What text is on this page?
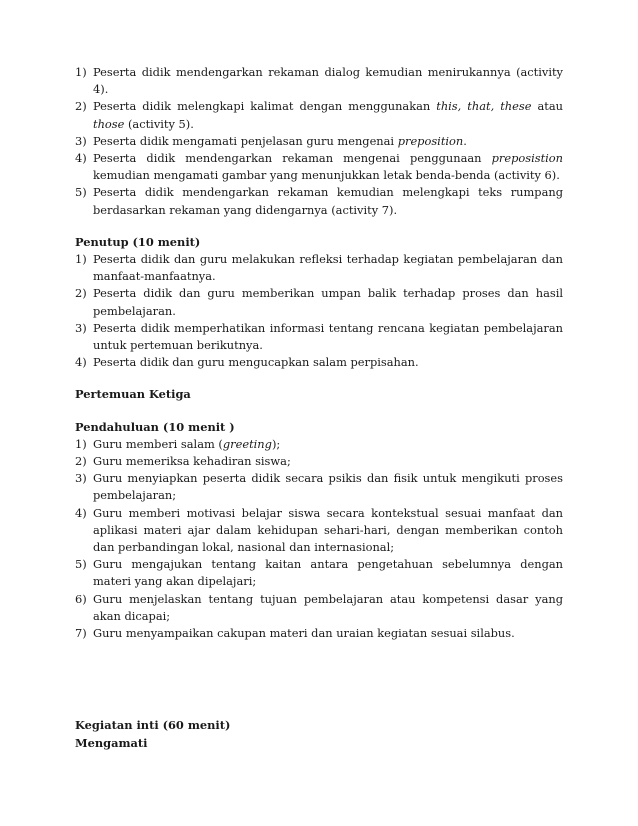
1) Peserta didik mendengarkan rekaman dialog kemudian menirukannya (activity 4).
2) Peserta didik melengkapi kalimat dengan menggunakan this, that, these atau those (activity 5).
3) Peserta didik mengamati penjelasan guru mengenai preposition.
4) Peserta didik mendengarkan rekaman mengenai penggunaan preposistion kemudian mengamati gambar yang menunjukkan letak benda-benda (activity 6).
5) Peserta didik mendengarkan rekaman kemudian melengkapi teks rumpang berdasarkan rekaman yang didengarnya (activity 7).

Penutup (10 menit)

1) Peserta didik dan guru melakukan refleksi terhadap kegiatan pembelajaran dan manfaat-manfaatnya.
2) Peserta didik dan guru memberikan umpan balik terhadap proses dan hasil pembelajaran.
3) Peserta didik memperhatikan informasi tentang rencana kegiatan pembelajaran untuk pertemuan berikutnya.
4) Peserta didik dan guru mengucapkan salam perpisahan.

Pertemuan Ketiga

Pendahuluan (10 menit )

1) Guru memberi salam (greeting);
2) Guru memeriksa kehadiran siswa;
3) Guru menyiapkan peserta didik secara psikis dan fisik untuk mengikuti proses pembelajaran;
4) Guru memberi motivasi belajar siswa secara kontekstual sesuai manfaat dan aplikasi materi ajar dalam kehidupan sehari-hari, dengan memberikan contoh dan perbandingan lokal, nasional dan internasional;
5) Guru mengajukan tentang kaitan antara pengetahuan sebelumnya dengan materi yang akan dipelajari;
6) Guru menjelaskan tentang tujuan pembelajaran atau kompetensi dasar yang akan dicapai;
7) Guru menyampaikan cakupan materi dan uraian kegiatan sesuai silabus.

Kegiatan inti (60 menit)

Mengamati
